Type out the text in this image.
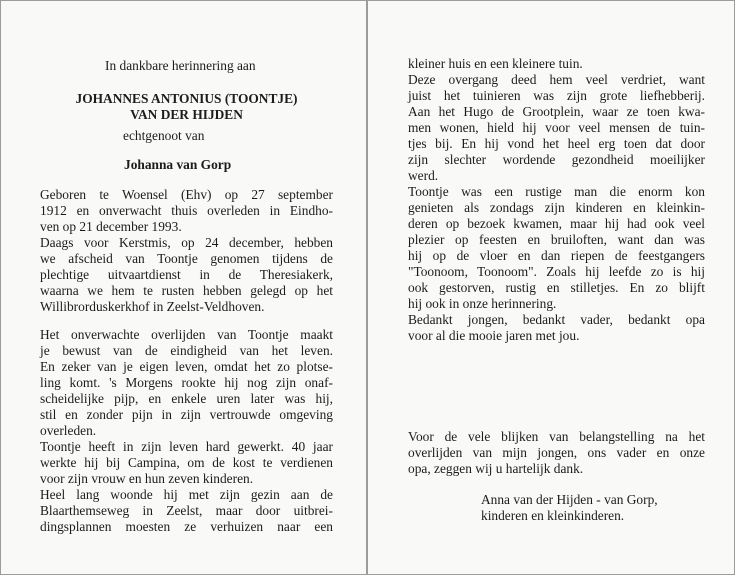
In dankbare herinnering aan
JOHANNES ANTONIUS (TOONTJE)
VAN DER HIJDEN
echtgenoot van
Johanna van Gorp
Geboren te Woensel (Ehv) op 27 september
1912 en onverwacht thuis overleden in Eindho-
ven op 21 december 1993.
Daags voor Kerstmis, op 24 december, hebben
we afscheid van Toontje genomen tijdens de
plechtige uitvaartdienst in de Theresiakerk,
waarna we hem te rusten hebben gelegd op het
Willibrorduskerkhof in Zeelst-Veldhoven.
Het onverwachte overlijden van Toontje maakt
je bewust van de eindigheid van het leven.
En zeker van je eigen leven, omdat het zo plotse-
ling komt. 's Morgens rookte hij nog zijn onaf-
scheidelijke pijp, en enkele uren later was hij,
stil en zonder pijn in zijn vertrouwde omgeving
overleden.
Toontje heeft in zijn leven hard gewerkt. 40 jaar
werkte hij bij Campina, om de kost te verdienen
voor zijn vrouw en hun zeven kinderen.
Heel lang woonde hij met zijn gezin aan de
Blaarthemseweg in Zeelst, maar door uitbrei-
dingsplannen moesten ze verhuizen naar een
kleiner huis en een kleinere tuin.
Deze overgang deed hem veel verdriet, want
juist het tuinieren was zijn grote liefhebberij.
Aan het Hugo de Grootplein, waar ze toen kwa-
men wonen, hield hij voor veel mensen de tuin-
tjes bij. En hij vond het heel erg toen dat door
zijn slechter wordende gezondheid moeilijker
werd.
Toontje was een rustige man die enorm kon
genieten als zondags zijn kinderen en kleinkin-
deren op bezoek kwamen, maar hij had ook veel
plezier op feesten en bruiloften, want dan was
hij op de vloer en dan riepen de feestgangers
"Toonoom, Toonoom". Zoals hij leefde zo is hij
ook gestorven, rustig en stilletjes. En zo blijft
hij ook in onze herinnering.
Bedankt jongen, bedankt vader, bedankt opa
voor al die mooie jaren met jou.
Voor de vele blijken van belangstelling na het
overlijden van mijn jongen, ons vader en onze
opa, zeggen wij u hartelijk dank.
Anna van der Hijden - van Gorp,
kinderen en kleinkinderen.
